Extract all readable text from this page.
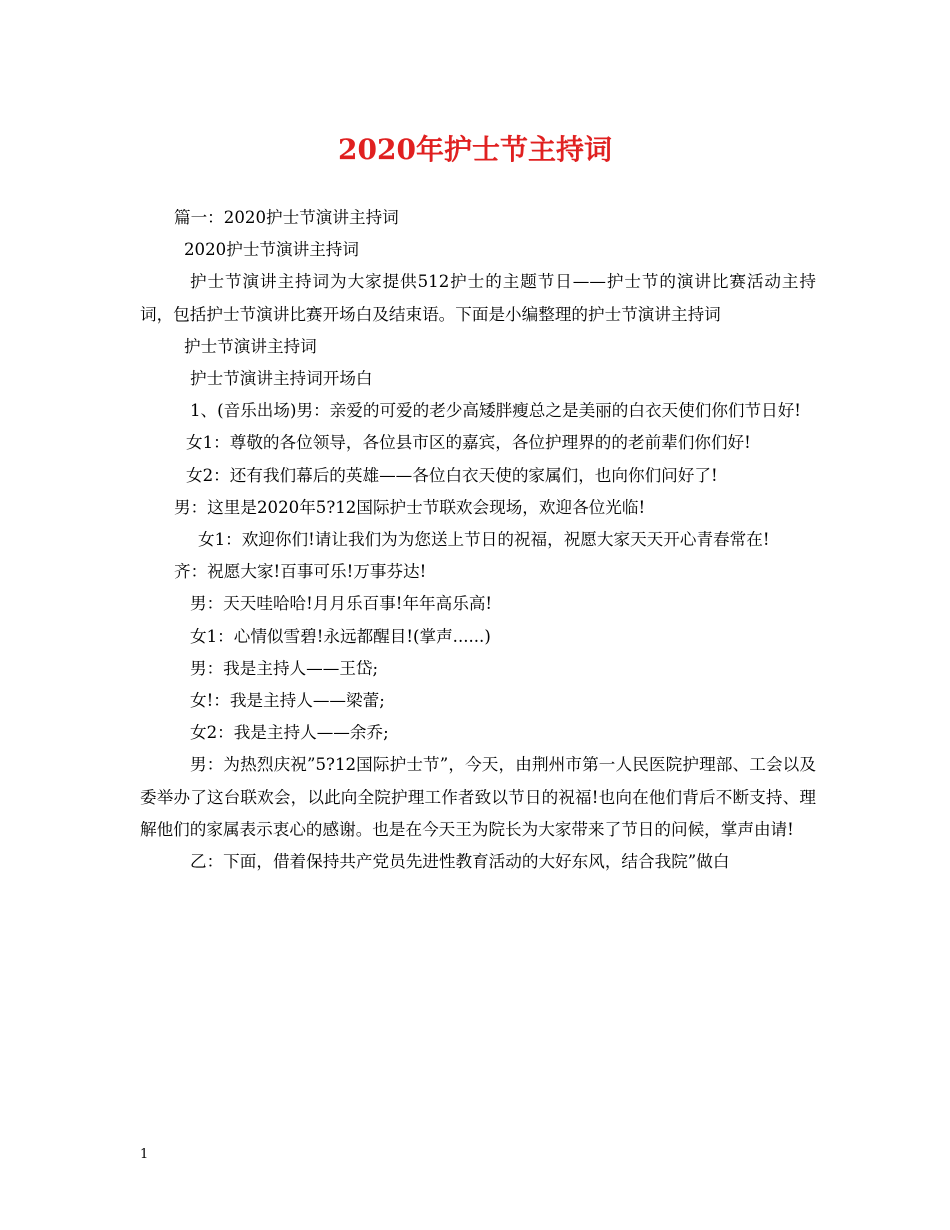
2020年护士节主持词

篇一：2020护士节演讲主持词

2020护士节演讲主持词

护士节演讲主持词为大家提供512护士的主题节日——护士节的演讲比赛活动主持词，包括护士节演讲比赛开场白及结束语。下面是小编整理的护士节演讲主持词

护士节演讲主持词

护士节演讲主持词开场白

1、(音乐出场)男：亲爱的可爱的老少高矮胖瘦总之是美丽的白衣天使们你们节日好!

女1：尊敬的各位领导，各位县市区的嘉宾，各位护理界的的老前辈们你们好!

女2：还有我们幕后的英雄——各位白衣天使的家属们，也向你们问好了!

男：这里是2020年5?12国际护士节联欢会现场，欢迎各位光临!

女1：欢迎你们!请让我们为为您送上节日的祝福，祝愿大家天天开心青春常在!

齐：祝愿大家!百事可乐!万事芬达!

男：天天哇哈哈!月月乐百事!年年高乐高!

女1：心情似雪碧!永远都醒目!(掌声......)

男：我是主持人——王岱;

女!：我是主持人——梁蕾;

女2：我是主持人——余乔;

男：为热烈庆祝”5?12国际护士节”，今天，由荆州市第一人民医院护理部、工会以及委举办了这台联欢会，以此向全院护理工作者致以节日的祝福!也向在他们背后不断支持、理解他们的家属表示衷心的感谢。也是在今天王为院长为大家带来了节日的问候，掌声由请!

乙：下面，借着保持共产党员先进性教育活动的大好东风，结合我院”做白

1
